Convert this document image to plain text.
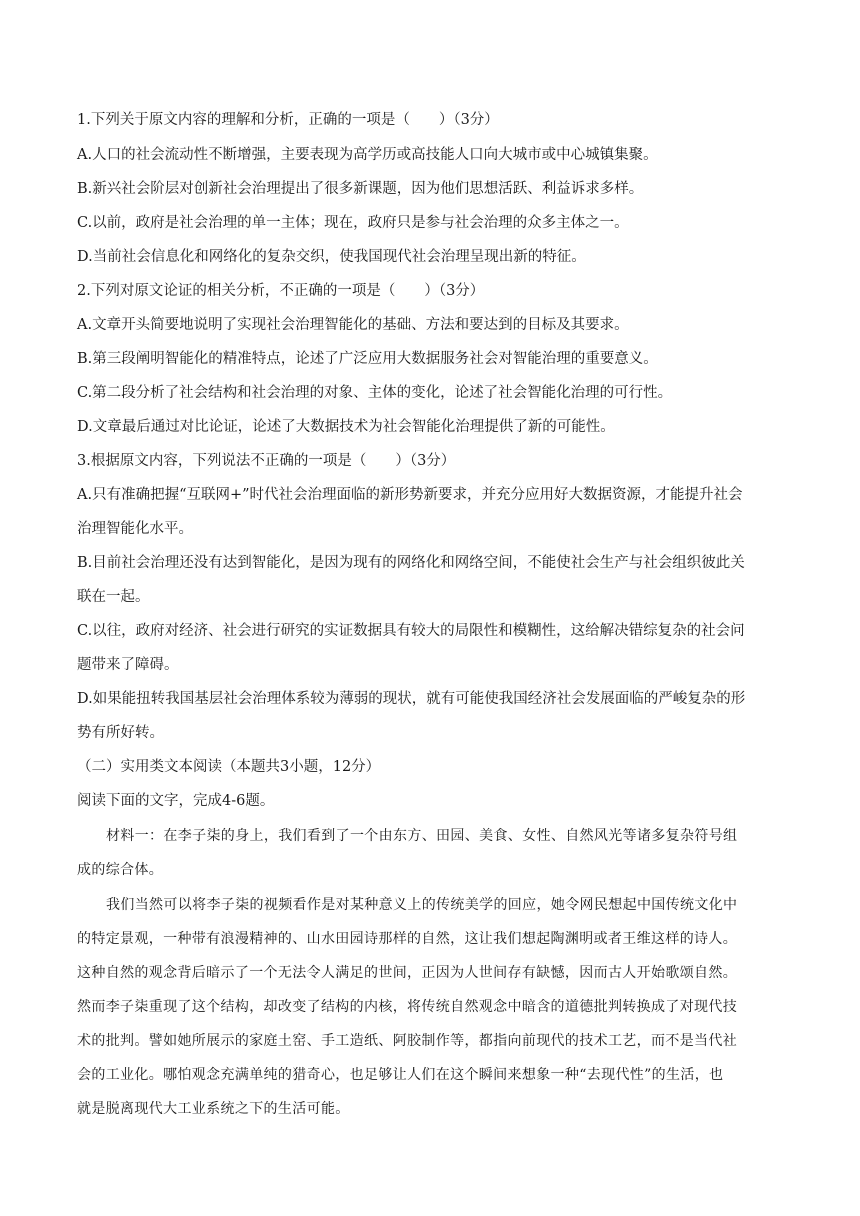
1.下列关于原文内容的理解和分析，正确的一项是（　　）（3分）
A.人口的社会流动性不断增强，主要表现为高学历或高技能人口向大城市或中心城镇集聚。
B.新兴社会阶层对创新社会治理提出了很多新课题，因为他们思想活跃、利益诉求多样。
C.以前，政府是社会治理的单一主体；现在，政府只是参与社会治理的众多主体之一。
D.当前社会信息化和网络化的复杂交织，使我国现代社会治理呈现出新的特征。
2.下列对原文论证的相关分析，不正确的一项是（　　）（3分）
A.文章开头简要地说明了实现社会治理智能化的基础、方法和要达到的目标及其要求。
B.第三段阐明智能化的精准特点，论述了广泛应用大数据服务社会对智能治理的重要意义。
C.第二段分析了社会结构和社会治理的对象、主体的变化，论述了社会智能化治理的可行性。
D.文章最后通过对比论证，论述了大数据技术为社会智能化治理提供了新的可能性。
3.根据原文内容，下列说法不正确的一项是（　　）（3分）
A.只有准确把握“互联网+”时代社会治理面临的新形势新要求，并充分应用好大数据资源，才能提升社会
治理智能化水平。
B.目前社会治理还没有达到智能化，是因为现有的网络化和网络空间，不能使社会生产与社会组织彼此关
联在一起。
C.以往，政府对经济、社会进行研究的实证数据具有较大的局限性和模糊性，这给解决错综复杂的社会问
题带来了障碍。
D.如果能扭转我国基层社会治理体系较为薄弱的现状，就有可能使我国经济社会发展面临的严峻复杂的形
势有所好转。
（二）实用类文本阅读（本题共3小题，12分）
阅读下面的文字，完成4-6题。
材料一：在李子柒的身上，我们看到了一个由东方、田园、美食、女性、自然风光等诸多复杂符号组
成的综合体。
我们当然可以将李子柒的视频看作是对某种意义上的传统美学的回应，她令网民想起中国传统文化中
的特定景观，一种带有浪漫精神的、山水田园诗那样的自然，这让我们想起陶渊明或者王维这样的诗人。
这种自然的观念背后暗示了一个无法令人满足的世间，正因为人世间存有缺憾，因而古人开始歌颂自然。
然而李子柒重现了这个结构，却改变了结构的内核，将传统自然观念中暗含的道德批判转换成了对现代技
术的批判。譬如她所展示的家庭土窑、手工造纸、阿胶制作等，都指向前现代的技术工艺，而不是当代社
会的工业化。哪怕观念充满单纯的猎奇心，也足够让人们在这个瞬间来想象一种“去现代性”的生活，也
就是脱离现代大工业系统之下的生活可能。
